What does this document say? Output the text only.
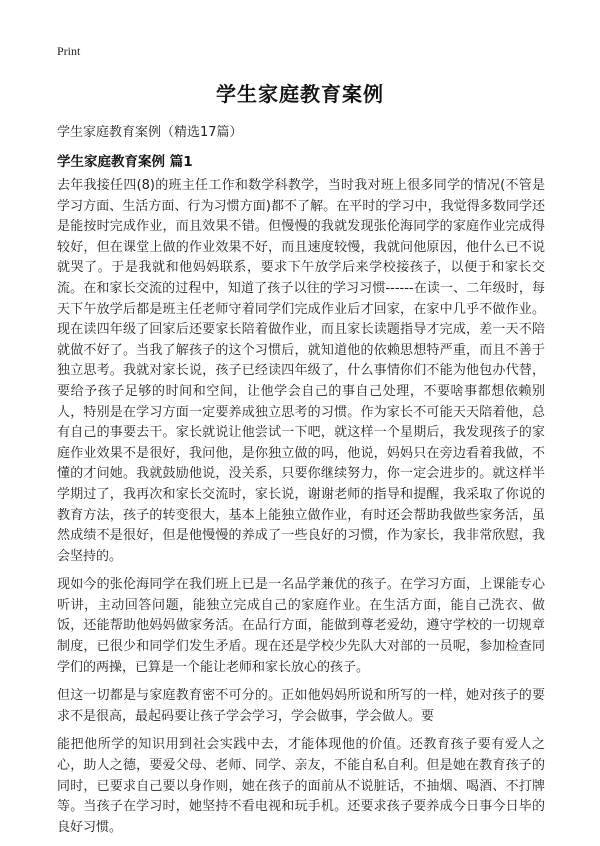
Print
学生家庭教育案例
学生家庭教育案例（精选17篇）
学生家庭教育案例 篇1

去年我接任四(8)的班主任工作和数学科教学，当时我对班上很多同学的情况(不管是学习方面、生活方面、行为习惯方面)都不了解。在平时的学习中，我觉得多数同学还是能按时完成作业，而且效果不错。但慢慢的我就发现张伦海同学的家庭作业完成得较好，但在课堂上做的作业效果不好，而且速度较慢，我就问他原因，他什么已不说就哭了。于是我就和他妈妈联系，要求下午放学后来学校接孩子，以便于和家长交流。在和家长交流的过程中，知道了孩子以往的学习习惯------在读一、二年级时，每天下午放学后都是班主任老师守着同学们完成作业后才回家，在家中几乎不做作业。现在读四年级了回家后还要家长陪着做作业，而且家长读题指导才完成，差一天不陪就做不好了。当我了解孩子的这个习惯后，就知道他的依赖思想特严重，而且不善于独立思考。我就对家长说，孩子已经读四年级了，什么事情你们不能为他包办代替，要给予孩子足够的时间和空间，让他学会自己的事自己处理，不要啥事都想依赖别人，特别是在学习方面一定要养成独立思考的习惯。作为家长不可能天天陪着他，总有自己的事要去干。家长就说让他尝试一下吧，就这样一个星期后，我发现孩子的家庭作业效果不是很好，我问他，是你独立做的吗，他说，妈妈只在旁边看着我做，不懂的才问她。我就鼓励他说，没关系，只要你继续努力，你一定会进步的。就这样半学期过了，我再次和家长交流时，家长说，谢谢老师的指导和提醒，我采取了你说的教育方法，孩子的转变很大，基本上能独立做作业，有时还会帮助我做些家务活，虽然成绩不是很好，但是他慢慢的养成了一些良好的习惯，作为家长，我非常欣慰，我会坚持的。

现如今的张伦海同学在我们班上已是一名品学兼优的孩子。在学习方面，上课能专心听讲，主动回答问题，能独立完成自己的家庭作业。在生活方面，能自己洗衣、做饭，还能帮助他妈妈做家务活。在品行方面，能做到尊老爱幼，遵守学校的一切规章制度，已很少和同学们发生矛盾。现在还是学校少先队大对部的一员呢，参加检查同学们的两操，已算是一个能让老师和家长放心的孩子。

但这一切都是与家庭教育密不可分的。正如他妈妈所说和所写的一样，她对孩子的要求不是很高，最起码要让孩子学会学习，学会做事，学会做人。要

能把他所学的知识用到社会实践中去，才能体现他的价值。还教育孩子要有爱人之心，助人之德，要爱父母、老师、同学、亲友，不能自私自利。但是她在教育孩子的同时，已要求自己要以身作则，她在孩子的面前从不说脏话，不抽烟、喝酒、不打牌等。当孩子在学习时，她坚持不看电视和玩手机。还要求孩子要养成今日事今日毕的良好习惯。
